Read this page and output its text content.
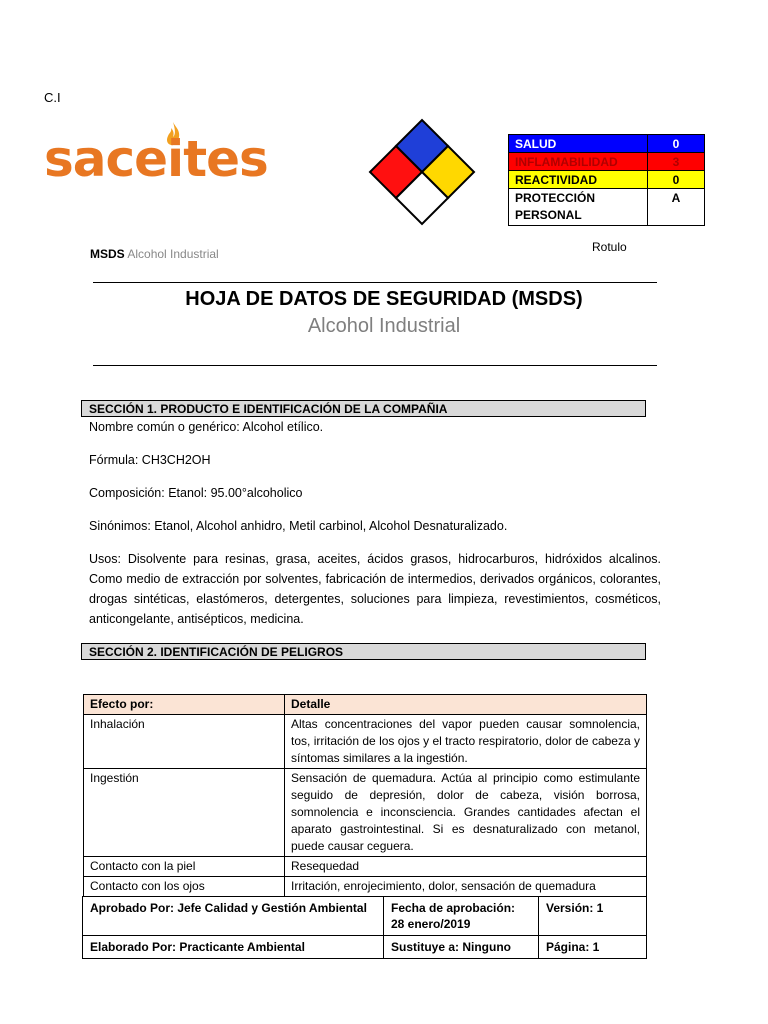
C.I
saceites	SALUD	0
INFLAMABILIDAD	3
REACTIVIDAD	0
PROTECCIÓN PERSONAL	A
MSDS Alcohol Industrial	Rotulo
HOJA DE DATOS DE SEGURIDAD (MSDS)
Alcohol Industrial
SECCIÓN 1. PRODUCTO E IDENTIFICACIÓN DE LA COMPAÑIA
Nombre común o genérico: Alcohol etílico.
Fórmula: CH3CH2OH
Composición: Etanol: 95.00°alcoholico
Sinónimos: Etanol, Alcohol anhidro, Metil carbinol, Alcohol Desnaturalizado.
Usos: Disolvente para resinas, grasa, aceites, ácidos grasos, hidrocarburos, hidróxidos alcalinos. Como medio de extracción por solventes, fabricación de intermedios, derivados orgánicos, colorantes, drogas sintéticas, elastómeros, detergentes, soluciones para limpieza, revestimientos, cosméticos, anticongelante, antisépticos, medicina.
SECCIÓN 2. IDENTIFICACIÓN DE PELIGROS
Efecto por:	Detalle
Inhalación	Altas concentraciones del vapor pueden causar somnolencia, tos, irritación de los ojos y el tracto respiratorio, dolor de cabeza y síntomas similares a la ingestión.
Ingestión	Sensación de quemadura. Actúa al principio como estimulante seguido de depresión, dolor de cabeza, visión borrosa, somnolencia e inconsciencia. Grandes cantidades afectan el aparato gastrointestinal. Si es desnaturalizado con metanol, puede causar ceguera.
Contacto con la piel	Resequedad
Contacto con los ojos	Irritación, enrojecimiento, dolor, sensación de quemadura
Aprobado Por: Jefe Calidad y Gestión Ambiental	Fecha de aprobación: 28 enero/2019	Versión: 1
Elaborado Por: Practicante Ambiental	Sustituye a: Ninguno	Página: 1
